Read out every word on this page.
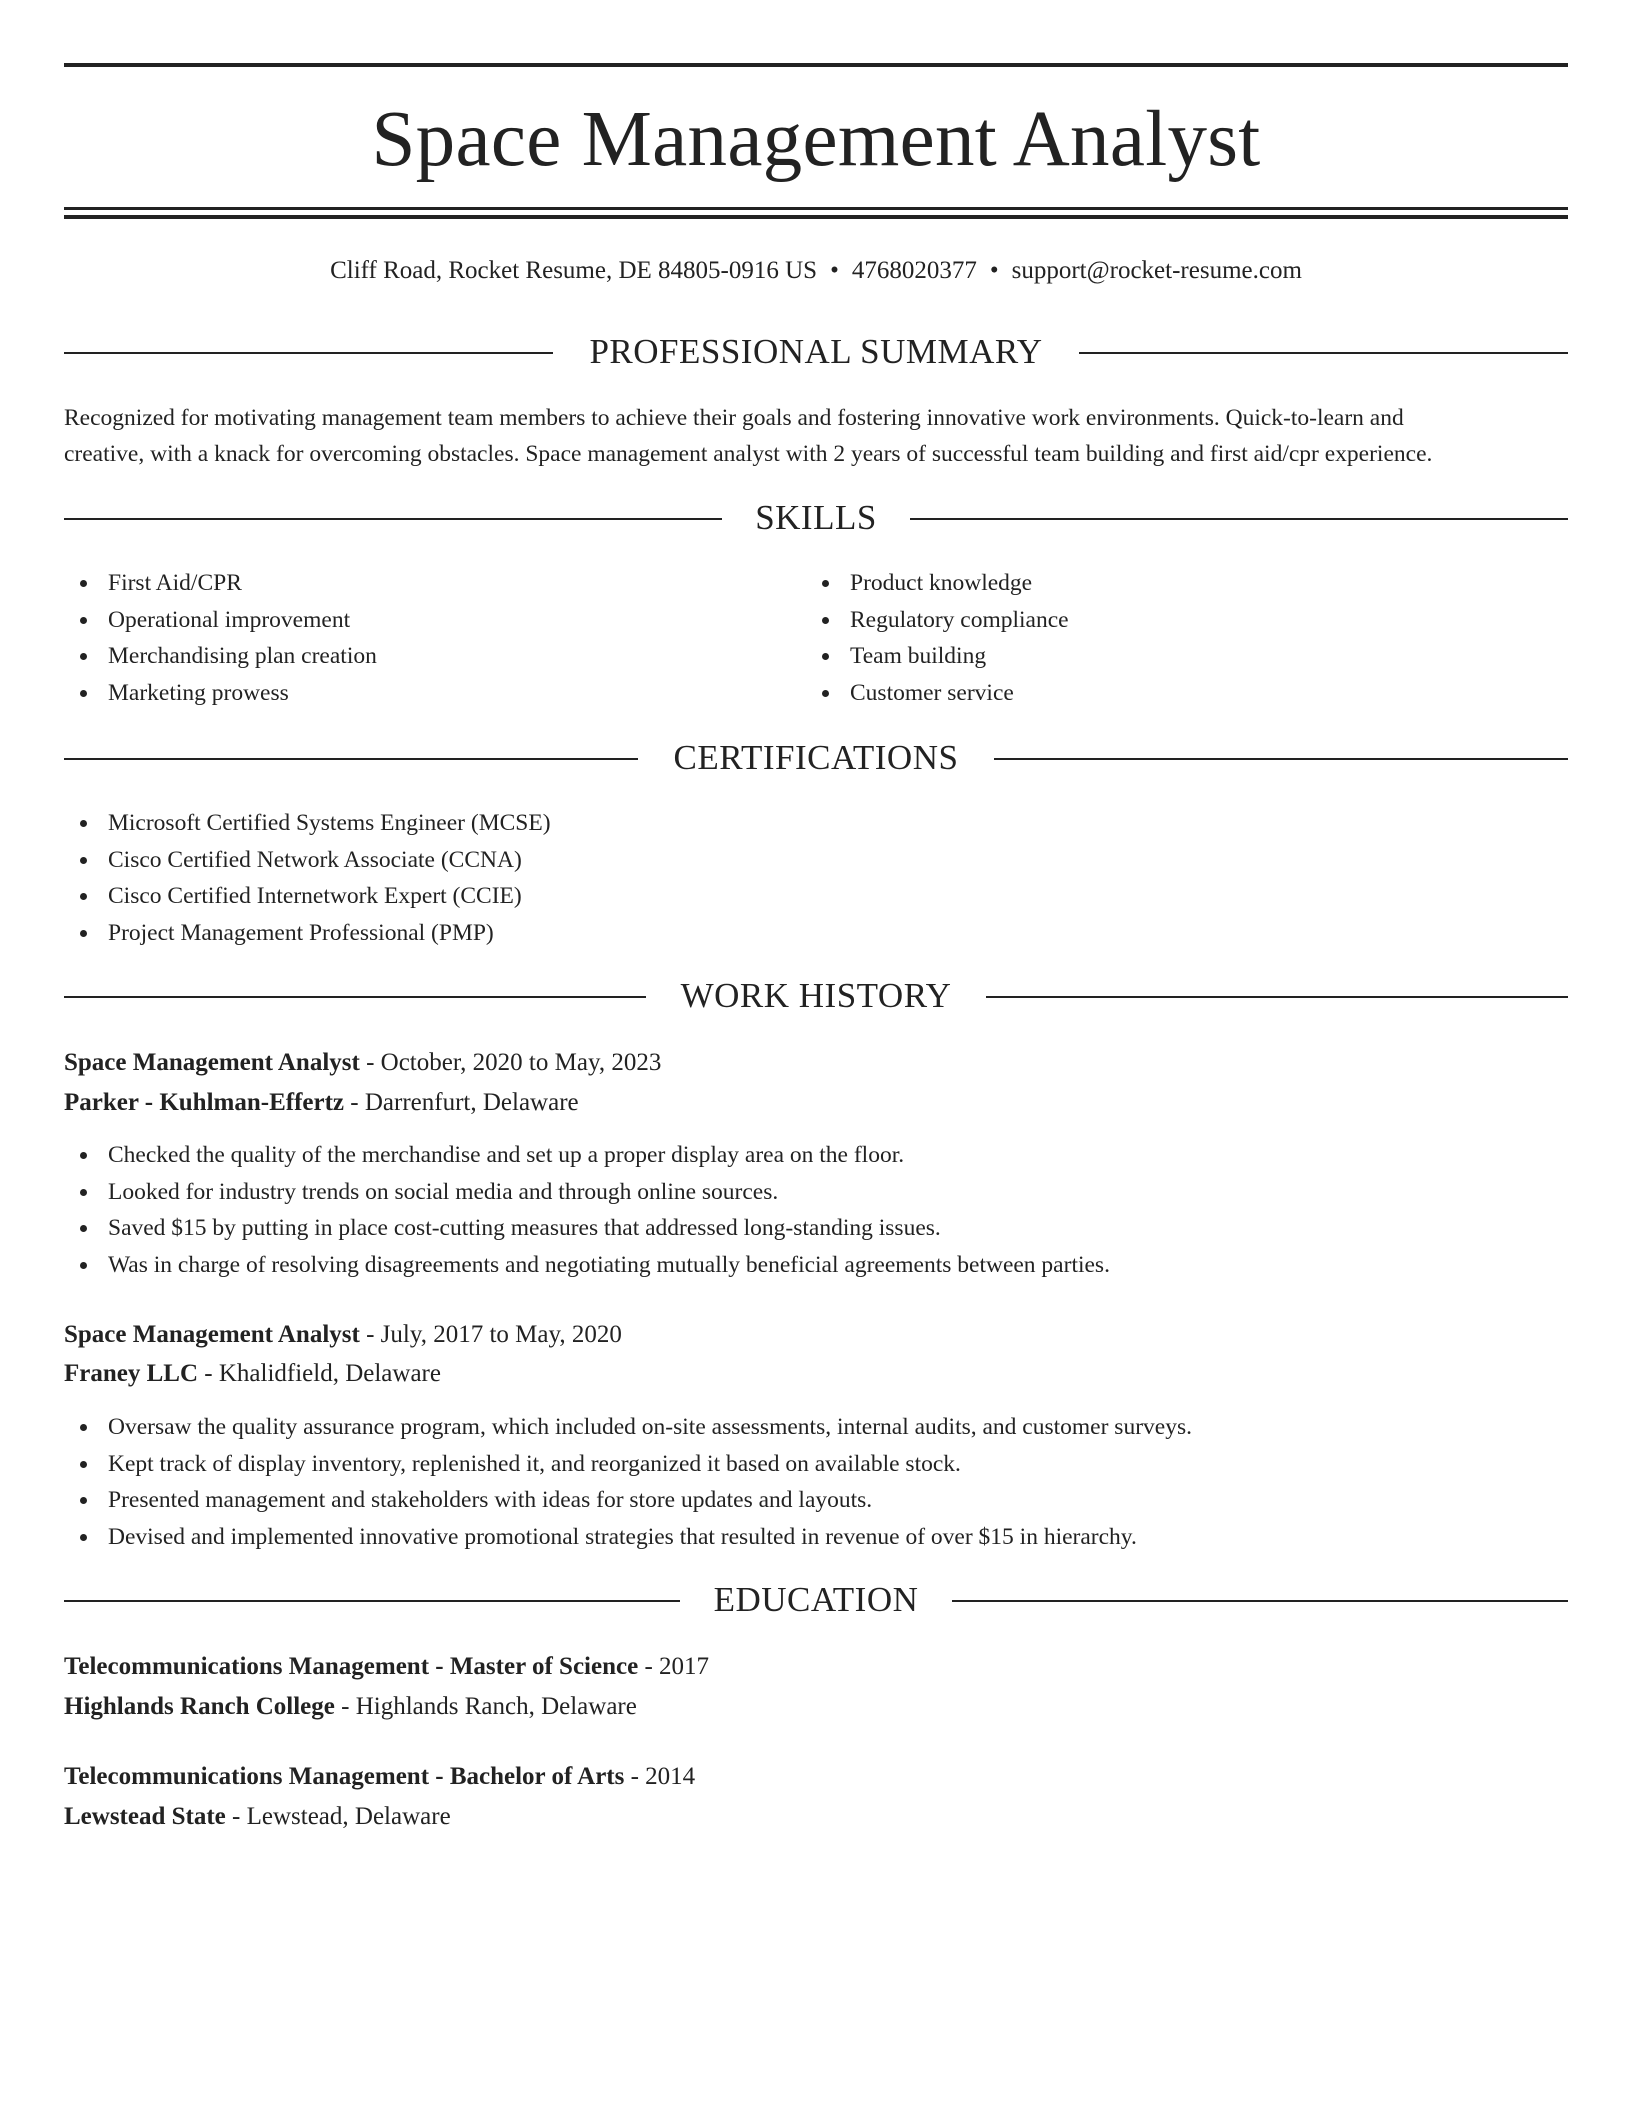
Space Management Analyst
Cliff Road, Rocket Resume, DE 84805-0916 US • 4768020377 • support@rocket-resume.com
PROFESSIONAL SUMMARY

Recognized for motivating management team members to achieve their goals and fostering innovative work environments. Quick-to-learn and
creative, with a knack for overcoming obstacles. Space management analyst with 2 years of successful team building and first aid/cpr experience.

SKILLS
First Aid/CPR
Operational improvement
Merchandising plan creation
Marketing prowess
Product knowledge
Regulatory compliance
Team building
Customer service
CERTIFICATIONS
Microsoft Certified Systems Engineer (MCSE)
Cisco Certified Network Associate (CCNA)
Cisco Certified Internetwork Expert (CCIE)
Project Management Professional (PMP)
WORK HISTORY
Space Management Analyst - October, 2020 to May, 2023
Parker - Kuhlman-Effertz - Darrenfurt, Delaware
Checked the quality of the merchandise and set up a proper display area on the floor.
Looked for industry trends on social media and through online sources.
Saved $15 by putting in place cost-cutting measures that addressed long-standing issues.
Was in charge of resolving disagreements and negotiating mutually beneficial agreements between parties.
Space Management Analyst - July, 2017 to May, 2020
Franey LLC - Khalidfield, Delaware
Oversaw the quality assurance program, which included on-site assessments, internal audits, and customer surveys.
Kept track of display inventory, replenished it, and reorganized it based on available stock.
Presented management and stakeholders with ideas for store updates and layouts.
Devised and implemented innovative promotional strategies that resulted in revenue of over $15 in hierarchy.
EDUCATION
Telecommunications Management - Master of Science - 2017
Highlands Ranch College - Highlands Ranch, Delaware
Telecommunications Management - Bachelor of Arts - 2014
Lewstead State - Lewstead, Delaware
